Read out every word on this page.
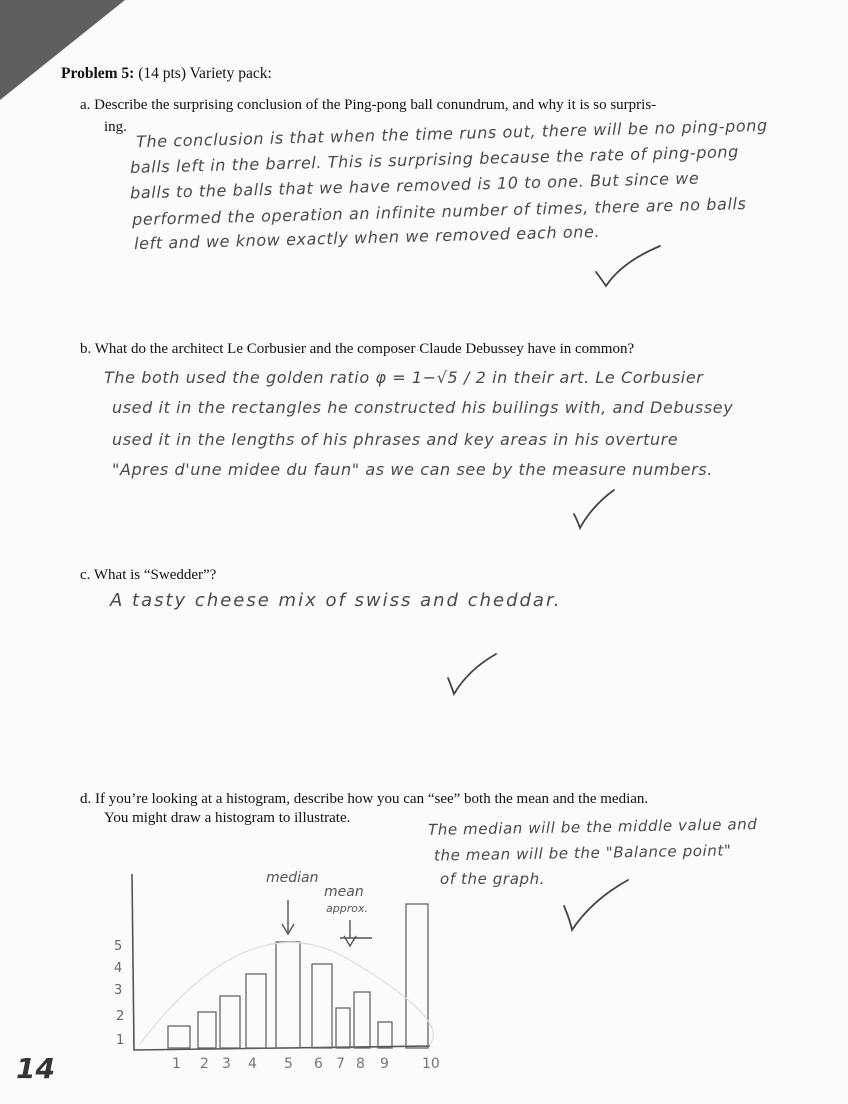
Problem 5: (14 pts) Variety pack:
a. Describe the surprising conclusion of the Ping-pong ball conundrum, and why it is so surpris-
ing. The conclusion is that when the time runs out, there will be no ping-pong
balls left in the barrel. This is surprising because the rate of ping-pong
balls to the balls that we have removed is 10 to one. But since we
performed the operation an infinite number of times, there are no balls
left and we know exactly when we removed each one.
b. What do the architect Le Corbusier and the composer Claude Debussey have in common?
The both used the golden ratio φ = 1−√5 / 2 in their art. Le Corbusier
used it in the rectangles he constructed his builings with, and Debussey
used it in the lengths of his phrases and key areas in his overture
"Apres d'une midee du faun" as we can see by the measure numbers.
c. What is “Swedder”?
A tasty cheese mix of swiss and cheddar.
d. If you’re looking at a histogram, describe how you can “see” both the mean and the median.
You might draw a histogram to illustrate.	The median will be the middle value and
the mean will be the "Balance point"
of the graph.
median
mean
approx.
1
2
3
4
5
1 2 3 4 5 6 7 8 9 10
14
